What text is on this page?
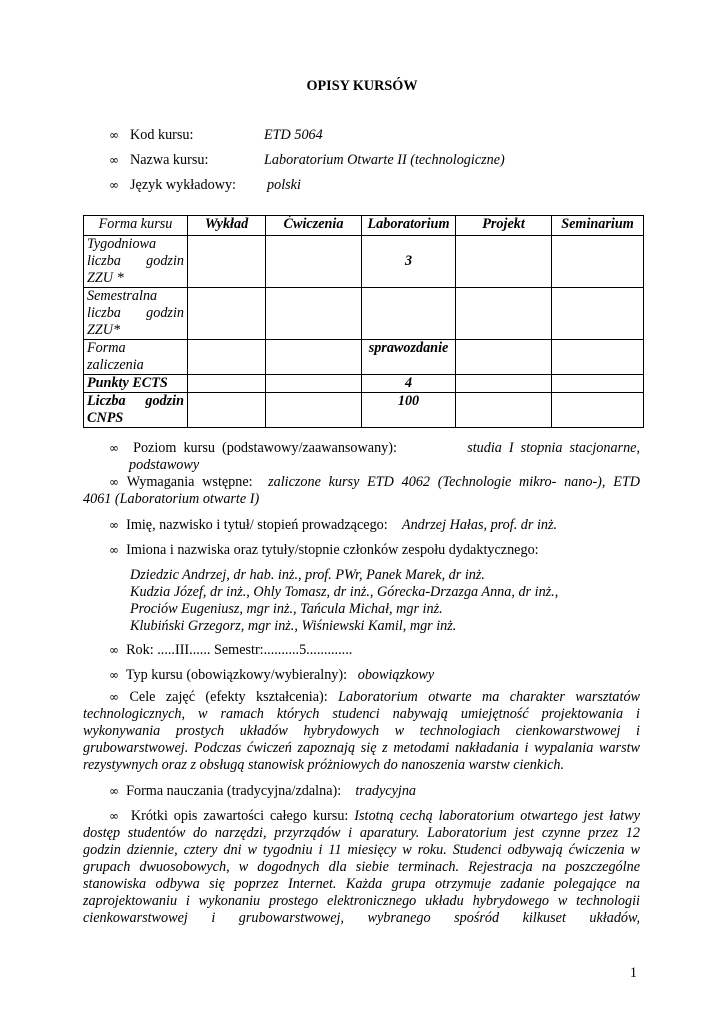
OPISY KURSÓW
∞ Kod kursu:	ETD 5064
∞ Nazwa kursu:	Laboratorium Otwarte II (technologiczne)
∞ Język wykładowy: polski
Forma kursu	Wykład	Ćwiczenia	Laboratorium	Projekt	Seminarium
Tygodniowa liczba godzin ZZU *			3		
Semestralna liczba godzin ZZU*					
Forma zaliczenia			sprawozdanie		
Punkty ECTS			4		
Liczba godzin CNPS			100		
∞ Poziom kursu (podstawowy/zaawansowany):	studia I stopnia stacjonarne,
podstawowy
∞ Wymagania wstępne: zaliczone kursy ETD 4062 (Technologie mikro- nano-), ETD
4061 (Laboratorium otwarte I)
∞ Imię, nazwisko i tytuł/ stopień prowadzącego: Andrzej Hałas, prof. dr inż.
∞ Imiona i nazwiska oraz tytuły/stopnie członków zespołu dydaktycznego:
Dziedzic Andrzej, dr hab. inż., prof. PWr, Panek Marek, dr inż.
Kudzia Józef, dr inż., Ohly Tomasz, dr inż., Górecka-Drzazga Anna, dr inż.,
Prociów Eugeniusz, mgr inż., Tańcula Michał, mgr inż.
Klubiński Grzegorz, mgr inż., Wiśniewski Kamil, mgr inż.
∞ Rok: .....III...... Semestr:..........5.............
∞ Typ kursu (obowiązkowy/wybieralny): obowiązkowy
∞ Cele zajęć (efekty kształcenia): Laboratorium otwarte ma charakter warsztatów
technologicznych, w ramach których studenci nabywają umiejętność projektowania i
wykonywania prostych układów hybrydowych w technologiach cienkowarstwowej i
grubowarstwowej. Podczas ćwiczeń zapoznają się z metodami nakładania i wypalania warstw
rezystywnych oraz z obsługą stanowisk próżniowych do nanoszenia warstw cienkich.
∞ Forma nauczania (tradycyjna/zdalna): tradycyjna
∞ Krótki opis zawartości całego kursu: Istotną cechą laboratorium otwartego jest łatwy
dostęp studentów do narzędzi, przyrządów i aparatury. Laboratorium jest czynne przez 12
godzin dziennie, cztery dni w tygodniu i 11 miesięcy w roku. Studenci odbywają ćwiczenia w
grupach dwuosobowych, w dogodnych dla siebie terminach. Rejestracja na poszczególne
stanowiska odbywa się poprzez Internet. Każda grupa otrzymuje zadanie polegające na
zaprojektowaniu i wykonaniu prostego elektronicznego układu hybrydowego w technologii
cienkowarstwowej i grubowarstwowej, wybranego spośród kilkuset układów,
1
